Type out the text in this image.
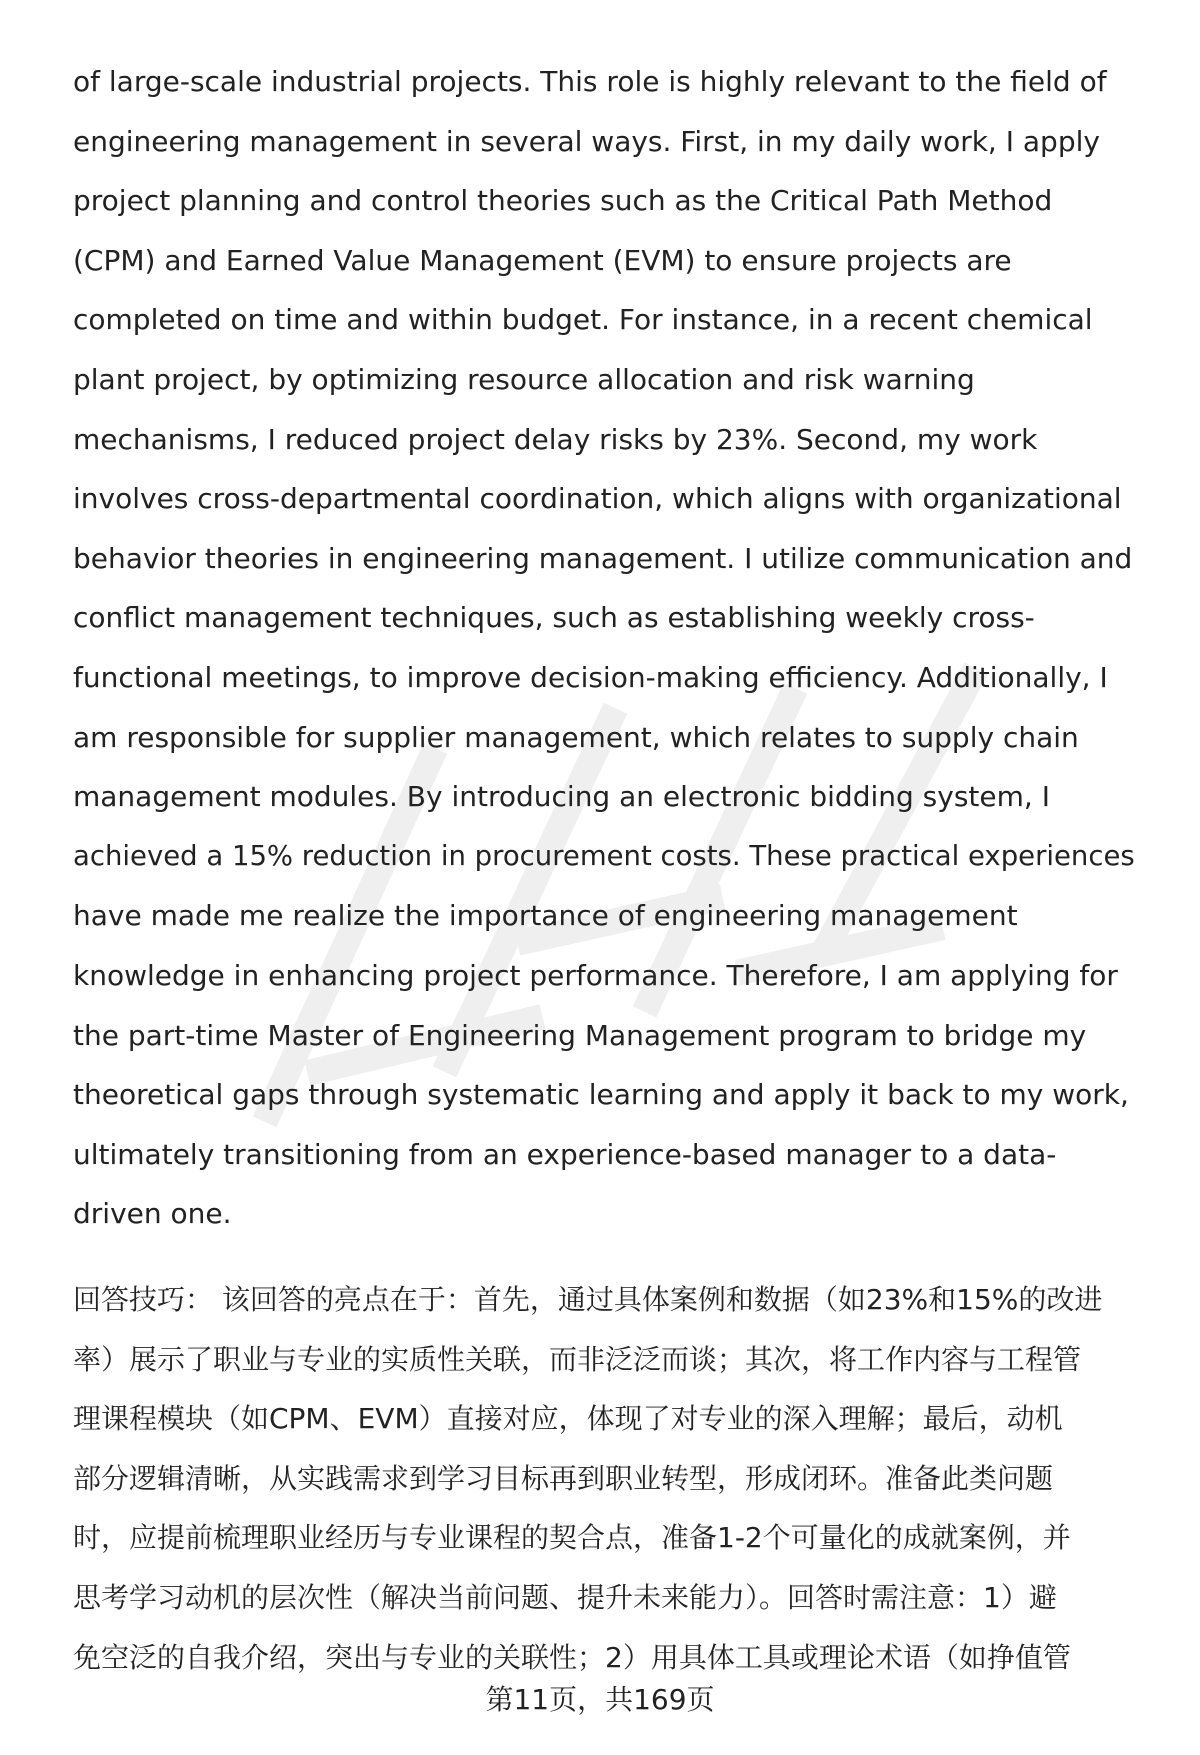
of large-scale industrial projects. This role is highly relevant to the field of
engineering management in several ways. First, in my daily work, I apply
project planning and control theories such as the Critical Path Method
(CPM) and Earned Value Management (EVM) to ensure projects are
completed on time and within budget. For instance, in a recent chemical
plant project, by optimizing resource allocation and risk warning
mechanisms, I reduced project delay risks by 23%. Second, my work
involves cross-departmental coordination, which aligns with organizational
behavior theories in engineering management. I utilize communication and
conflict management techniques, such as establishing weekly cross-
functional meetings, to improve decision-making efficiency. Additionally, I
am responsible for supplier management, which relates to supply chain
management modules. By introducing an electronic bidding system, I
achieved a 15% reduction in procurement costs. These practical experiences
have made me realize the importance of engineering management
knowledge in enhancing project performance. Therefore, I am applying for
the part-time Master of Engineering Management program to bridge my
theoretical gaps through systematic learning and apply it back to my work,
ultimately transitioning from an experience-based manager to a data-
driven one.
回答技巧： 该回答的亮点在于：首先，通过具体案例和数据（如23%和15%的改进
率）展示了职业与专业的实质性关联，而非泛泛而谈；其次，将工作内容与工程管
理课程模块（如CPM、EVM）直接对应，体现了对专业的深入理解；最后，动机
部分逻辑清晰，从实践需求到学习目标再到职业转型，形成闭环。准备此类问题
时，应提前梳理职业经历与专业课程的契合点，准备1-2个可量化的成就案例，并
思考学习动机的层次性（解决当前问题、提升未来能力）。回答时需注意：1）避
免空泛的自我介绍，突出与专业的关联性；2）用具体工具或理论术语（如挣值管
第11页，共169页
